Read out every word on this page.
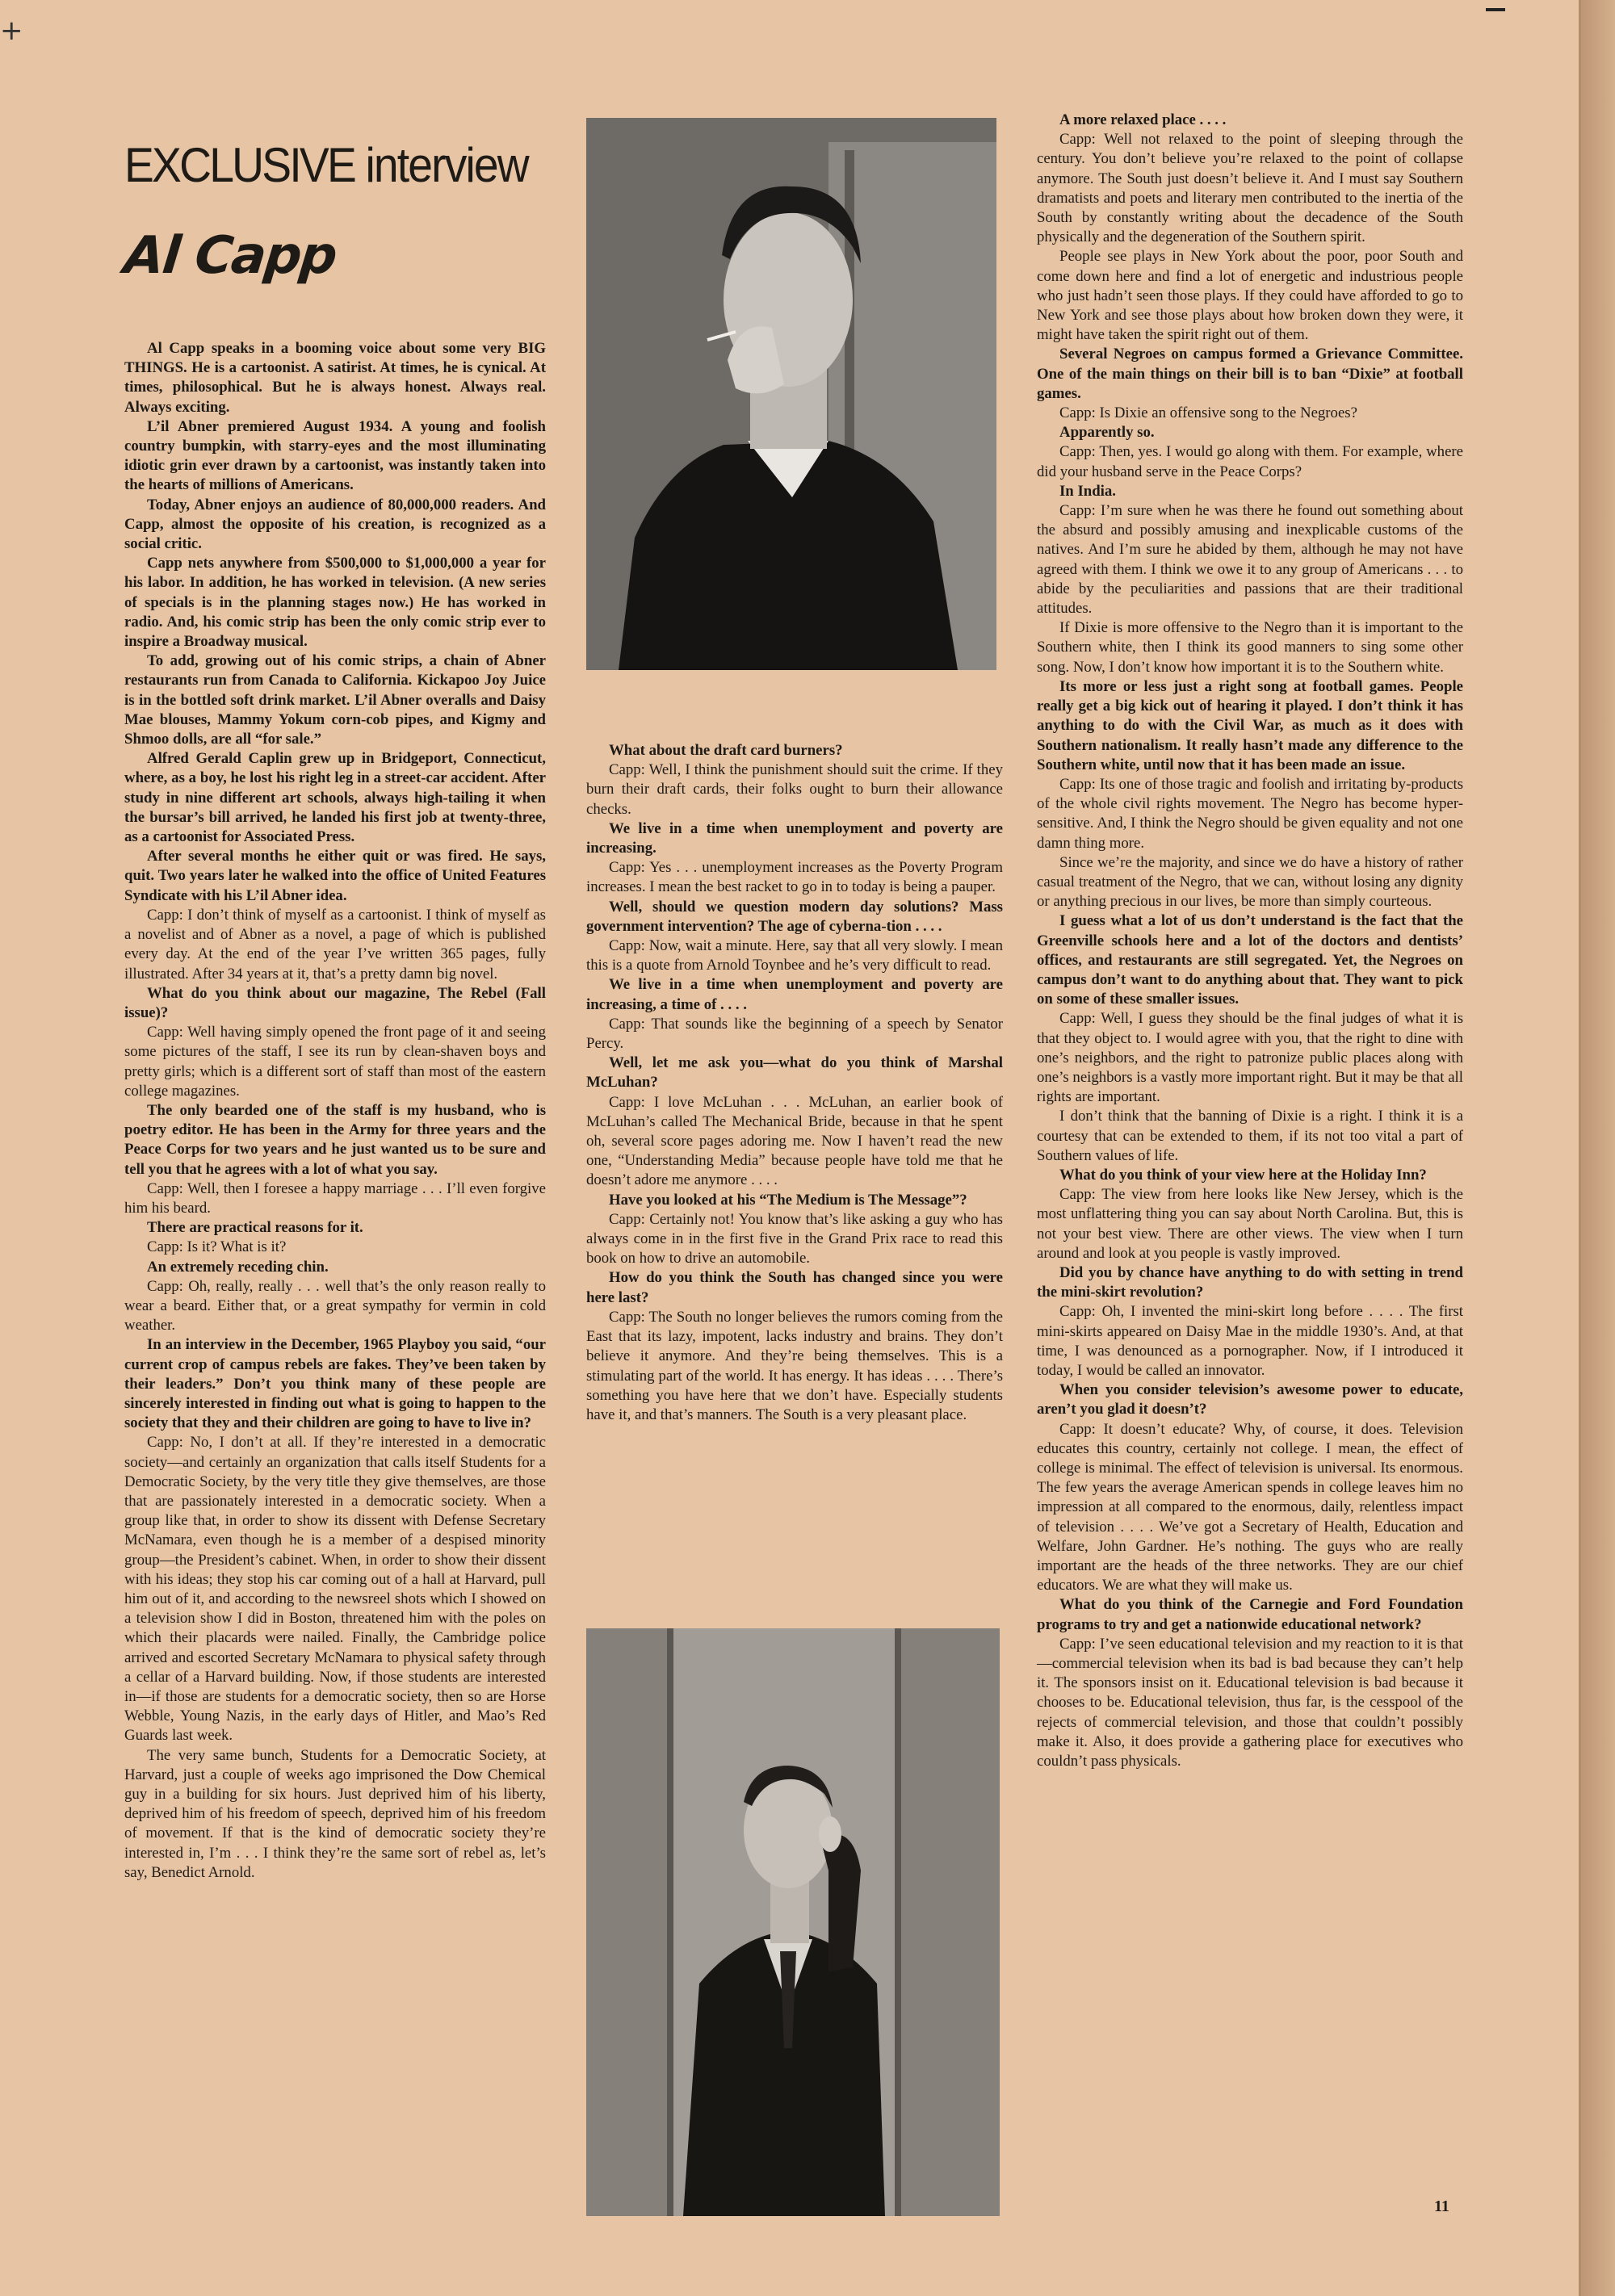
+
EXCLUSIVE interview
Al Capp

Al Capp speaks in a booming voice about some very BIG THINGS. He is a cartoonist. A satirist. At times, he is cynical. At times, philosophical. But he is always honest. Always real. Always exciting.

L’il Abner premiered August 1934. A young and foolish country bumpkin, with starry-eyes and the most illuminating idiotic grin ever drawn by a cartoonist, was instantly taken into the hearts of millions of Americans.

Today, Abner enjoys an audience of 80,000,000 readers. And Capp, almost the opposite of his creation, is recognized as a social critic.

Capp nets anywhere from $500,000 to $1,000,000 a year for his labor. In addition, he has worked in television. (A new series of specials is in the planning stages now.) He has worked in radio. And, his comic strip has been the only comic strip ever to inspire a Broadway musical.

To add, growing out of his comic strips, a chain of Abner restaurants run from Canada to California. Kickapoo Joy Juice is in the bottled soft drink market. L’il Abner overalls and Daisy Mae blouses, Mammy Yokum corn-cob pipes, and Kigmy and Shmoo dolls, are all “for sale.”

Alfred Gerald Caplin grew up in Bridgeport, Connecticut, where, as a boy, he lost his right leg in a street-car accident. After study in nine different art schools, always high-tailing it when the bursar’s bill arrived, he landed his first job at twenty-three, as a cartoonist for Associated Press.

After several months he either quit or was fired. He says, quit. Two years later he walked into the office of United Features Syndicate with his L’il Abner idea.

Capp: I don’t think of myself as a cartoonist. I think of myself as a novelist and of Abner as a novel, a page of which is published every day. At the end of the year I’ve written 365 pages, fully illustrated. After 34 years at it, that’s a pretty damn big novel.

What do you think about our magazine, The Rebel (Fall issue)?

Capp: Well having simply opened the front page of it and seeing some pictures of the staff, I see its run by clean-shaven boys and pretty girls; which is a different sort of staff than most of the eastern college magazines.

The only bearded one of the staff is my husband, who is poetry editor. He has been in the Army for three years and the Peace Corps for two years and he just wanted us to be sure and tell you that he agrees with a lot of what you say.

Capp: Well, then I foresee a happy marriage . . . I’ll even forgive him his beard.

There are practical reasons for it.

Capp: Is it? What is it?

An extremely receding chin.

Capp: Oh, really, really . . . well that’s the only reason really to wear a beard. Either that, or a great sympathy for vermin in cold weather.

In an interview in the December, 1965 Playboy you said, “our current crop of campus rebels are fakes. They’ve been taken by their leaders.” Don’t you think many of these people are sincerely interested in finding out what is going to happen to the society that they and their children are going to have to live in?

Capp: No, I don’t at all. If they’re interested in a democratic society—and certainly an organization that calls itself Students for a Democratic Society, by the very title they give themselves, are those that are passionately interested in a democratic society. When a group like that, in order to show its dissent with Defense Secretary McNamara, even though he is a member of a despised minority group—the President’s cabinet. When, in order to show their dissent with his ideas; they stop his car coming out of a hall at Harvard, pull him out of it, and according to the newsreel shots which I showed on a television show I did in Boston, threatened him with the poles on which their placards were nailed. Finally, the Cambridge police arrived and escorted Secretary McNamara to physical safety through a cellar of a Harvard building. Now, if those students are interested in—if those are students for a democratic society, then so are Horse Webble, Young Nazis, in the early days of Hitler, and Mao’s Red Guards last week.

The very same bunch, Students for a Democratic Society, at Harvard, just a couple of weeks ago imprisoned the Dow Chemical guy in a building for six hours. Just deprived him of his liberty, deprived him of his freedom of speech, deprived him of his freedom of movement. If that is the kind of democratic society they’re interested in, I’m . . . I think they’re the same sort of rebel as, let’s say, Benedict Arnold.

What about the draft card burners?

Capp: Well, I think the punishment should suit the crime. If they burn their draft cards, their folks ought to burn their allowance checks.

We live in a time when unemployment and poverty are increasing.

Capp: Yes . . . unemployment increases as the Poverty Program increases. I mean the best racket to go in to today is being a pauper.

Well, should we question modern day solutions? Mass government intervention? The age of cyberna-tion . . . .

Capp: Now, wait a minute. Here, say that all very slowly. I mean this is a quote from Arnold Toynbee and he’s very difficult to read.

We live in a time when unemployment and poverty are increasing, a time of . . . .

Capp: That sounds like the beginning of a speech by Senator Percy.

Well, let me ask you—what do you think of Marshal McLuhan?

Capp: I love McLuhan . . . McLuhan, an earlier book of McLuhan’s called The Mechanical Bride, because in that he spent oh, several score pages adoring me. Now I haven’t read the new one, “Understanding Media” because people have told me that he doesn’t adore me anymore . . . .

Have you looked at his “The Medium is The Message”?

Capp: Certainly not! You know that’s like asking a guy who has always come in in the first five in the Grand Prix race to read this book on how to drive an automobile.

How do you think the South has changed since you were here last?

Capp: The South no longer believes the rumors coming from the East that its lazy, impotent, lacks industry and brains. They don’t believe it anymore. And they’re being themselves. This is a stimulating part of the world. It has energy. It has ideas . . . . There’s something you have here that we don’t have. Especially students have it, and that’s manners. The South is a very pleasant place.

A more relaxed place . . . .

Capp: Well not relaxed to the point of sleeping through the century. You don’t believe you’re relaxed to the point of collapse anymore. The South just doesn’t believe it. And I must say Southern dramatists and poets and literary men contributed to the inertia of the South by constantly writing about the decadence of the South physically and the degeneration of the Southern spirit.

People see plays in New York about the poor, poor South and come down here and find a lot of energetic and industrious people who just hadn’t seen those plays. If they could have afforded to go to New York and see those plays about how broken down they were, it might have taken the spirit right out of them.

Several Negroes on campus formed a Grievance Committee. One of the main things on their bill is to ban “Dixie” at football games.

Capp: Is Dixie an offensive song to the Negroes?

Apparently so.

Capp: Then, yes. I would go along with them. For example, where did your husband serve in the Peace Corps?

In India.

Capp: I’m sure when he was there he found out something about the absurd and possibly amusing and inexplicable customs of the natives. And I’m sure he abided by them, although he may not have agreed with them. I think we owe it to any group of Americans . . . to abide by the peculiarities and passions that are their traditional attitudes.

If Dixie is more offensive to the Negro than it is important to the Southern white, then I think its good manners to sing some other song. Now, I don’t know how important it is to the Southern white.

Its more or less just a right song at football games. People really get a big kick out of hearing it played. I don’t think it has anything to do with the Civil War, as much as it does with Southern nationalism. It really hasn’t made any difference to the Southern white, until now that it has been made an issue.

Capp: Its one of those tragic and foolish and irritating by-products of the whole civil rights movement. The Negro has become hyper-sensitive. And, I think the Negro should be given equality and not one damn thing more.

Since we’re the majority, and since we do have a history of rather casual treatment of the Negro, that we can, without losing any dignity or anything precious in our lives, be more than simply courteous.

I guess what a lot of us don’t understand is the fact that the Greenville schools here and a lot of the doctors and dentists’ offices, and restaurants are still segregated. Yet, the Negroes on campus don’t want to do anything about that. They want to pick on some of these smaller issues.

Capp: Well, I guess they should be the final judges of what it is that they object to. I would agree with you, that the right to dine with one’s neighbors, and the right to patronize public places along with one’s neighbors is a vastly more important right. But it may be that all rights are important.

I don’t think that the banning of Dixie is a right. I think it is a courtesy that can be extended to them, if its not too vital a part of Southern values of life.

What do you think of your view here at the Holiday Inn?

Capp: The view from here looks like New Jersey, which is the most unflattering thing you can say about North Carolina. But, this is not your best view. There are other views. The view when I turn around and look at you people is vastly improved.

Did you by chance have anything to do with setting in trend the mini-skirt revolution?

Capp: Oh, I invented the mini-skirt long before . . . . The first mini-skirts appeared on Daisy Mae in the middle 1930’s. And, at that time, I was denounced as a pornographer. Now, if I introduced it today, I would be called an innovator.

When you consider television’s awesome power to educate, aren’t you glad it doesn’t?

Capp: It doesn’t educate? Why, of course, it does. Television educates this country, certainly not college. I mean, the effect of college is minimal. The effect of television is universal. Its enormous. The few years the average American spends in college leaves him no impression at all compared to the enormous, daily, relentless impact of television . . . . We’ve got a Secretary of Health, Education and Welfare, John Gardner. He’s nothing. The guys who are really important are the heads of the three networks. They are our chief educators. We are what they will make us.

What do you think of the Carnegie and Ford Foundation programs to try and get a nationwide educational network?

Capp: I’ve seen educational television and my reaction to it is that—commercial television when its bad is bad because they can’t help it. The sponsors insist on it. Educational television is bad because it chooses to be. Educational television, thus far, is the cesspool of the rejects of commercial television, and those that couldn’t possibly make it. Also, it does provide a gathering place for executives who couldn’t pass physicals.

11
